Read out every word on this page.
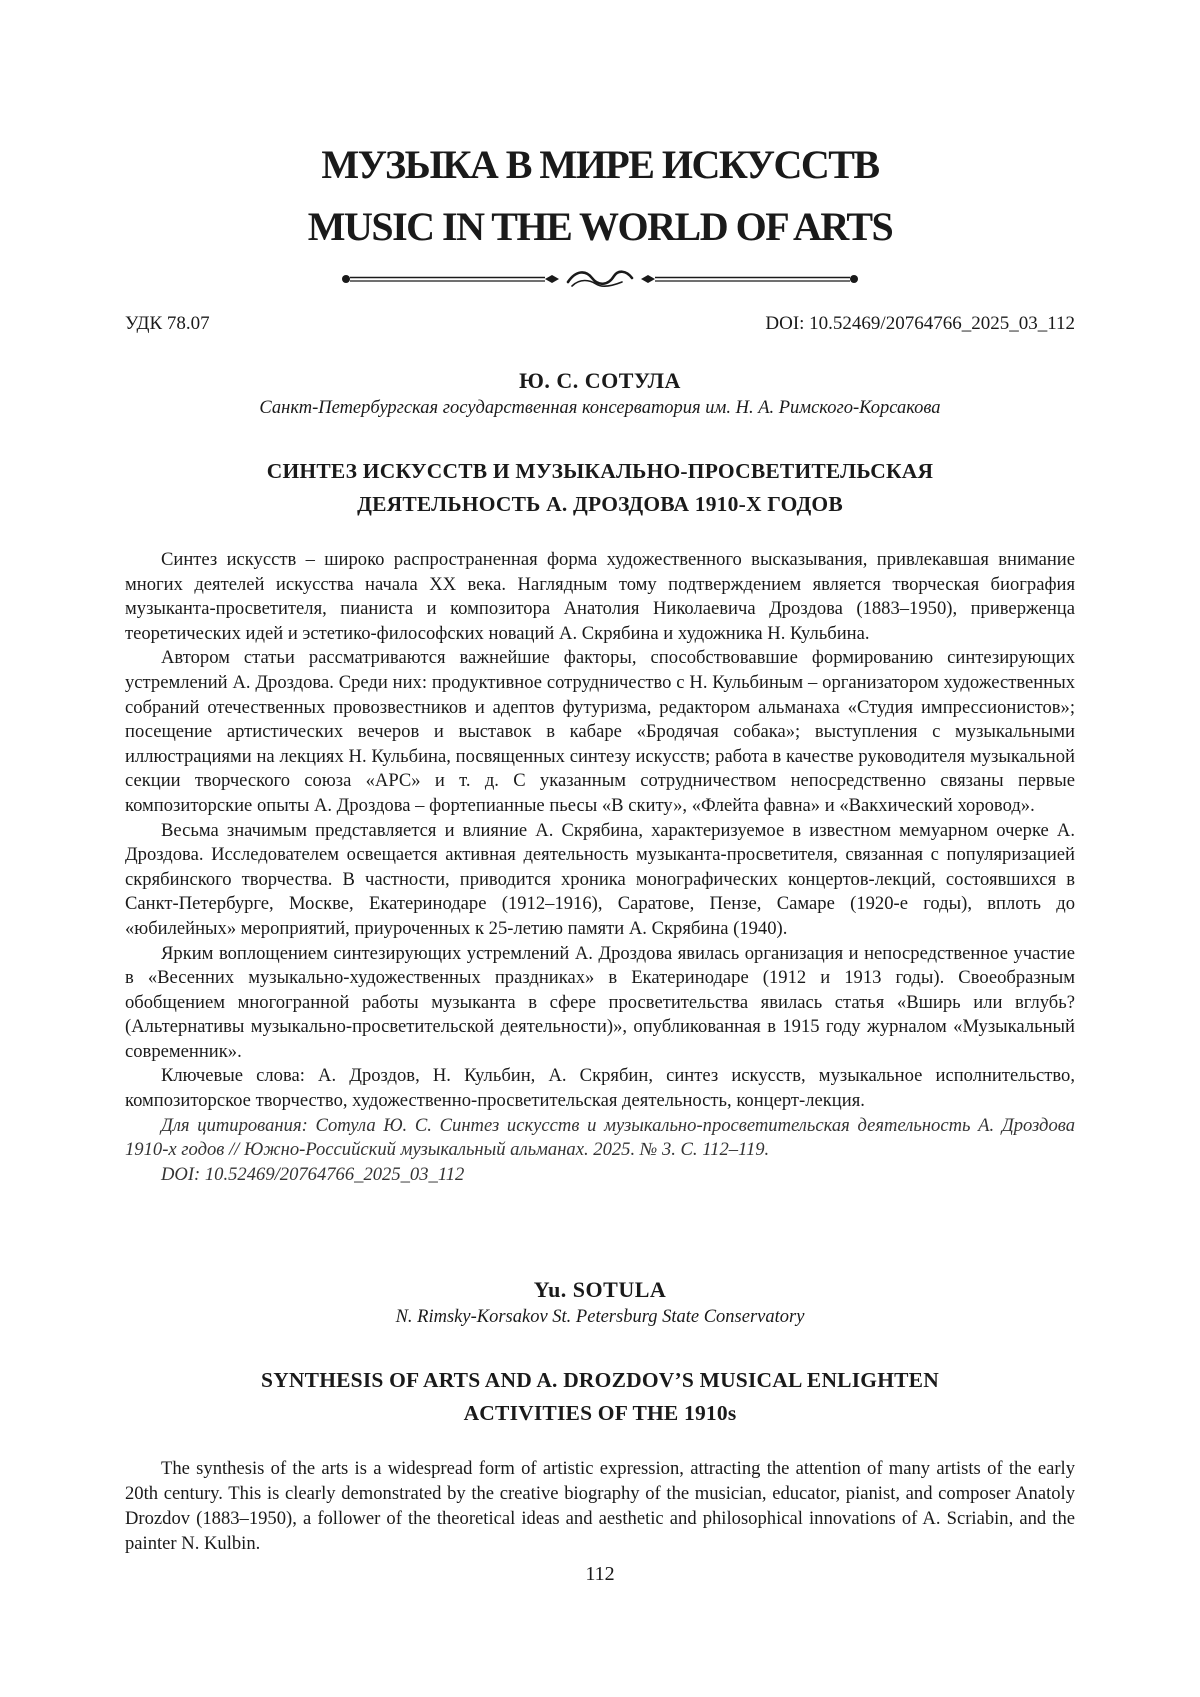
МУЗЫКА В МИРЕ ИСКУССТВ
MUSIC IN THE WORLD OF ARTS
УДК 78.07	DOI: 10.52469/20764766_2025_03_112
Ю. С. СОТУЛА
Санкт-Петербургская государственная консерватория им. Н. А. Римского-Корсакова
СИНТЕЗ ИСКУССТВ И МУЗЫКАЛЬНО-ПРОСВЕТИТЕЛЬСКАЯ
ДЕЯТЕЛЬНОСТЬ А. ДРОЗДОВА 1910-Х ГОДОВ

Синтез искусств – широко распространенная форма художественного высказывания, привлекавшая внимание многих деятелей искусства начала XX века. Наглядным тому подтверждением является творческая биография музыканта-просветителя, пианиста и композитора Анатолия Николаевича Дроздова (1883–1950), приверженца теоретических идей и эстетико-философских новаций А. Скрябина и художника Н. Кульбина.

Автором статьи рассматриваются важнейшие факторы, способствовавшие формированию синтезирующих устремлений А. Дроздова. Среди них: продуктивное сотрудничество с Н. Кульбиным – организатором художественных собраний отечественных провозвестников и адептов футуризма, редактором альманаха «Студия импрессионистов»; посещение артистических вечеров и выставок в кабаре «Бродячая собака»; выступления с музыкальными иллюстрациями на лекциях Н. Кульбина, посвященных синтезу искусств; работа в качестве руководителя музыкальной секции творческого союза «АРС» и т. д. С указанным сотрудничеством непосредственно связаны первые композиторские опыты А. Дроздова – фортепианные пьесы «В скиту», «Флейта фавна» и «Вакхический хоровод».

Весьма значимым представляется и влияние А. Скрябина, характеризуемое в известном мемуарном очерке А. Дроздова. Исследователем освещается активная деятельность музыканта-просветителя, связанная с популяризацией скрябинского творчества. В частности, приводится хроника монографических концертов-лекций, состоявшихся в Санкт-Петербурге, Москве, Екатеринодаре (1912–1916), Саратове, Пензе, Самаре (1920-е годы), вплоть до «юбилейных» мероприятий, приуроченных к 25-летию памяти А. Скрябина (1940).

Ярким воплощением синтезирующих устремлений А. Дроздова явилась организация и непосредственное участие в «Весенних музыкально-художественных праздниках» в Екатеринодаре (1912 и 1913 годы). Своеобразным обобщением многогранной работы музыканта в сфере просветительства явилась статья «Вширь или вглубь? (Альтернативы музыкально-просветительской деятельности)», опубликованная в 1915 году журналом «Музыкальный современник».

Ключевые слова: А. Дроздов, Н. Кульбин, А. Скрябин, синтез искусств, музыкальное исполнительство, композиторское творчество, художественно-просветительская деятельность, концерт-лекция.

Для цитирования: Сотула Ю. С. Синтез искусств и музыкально-просветительская деятельность А. Дроздова 1910-х годов // Южно-Российский музыкальный альманах. 2025. № 3. С. 112–119.

DOI: 10.52469/20764766_2025_03_112

Yu. SOTULA
N. Rimsky-Korsakov St. Petersburg State Conservatory
SYNTHESIS OF ARTS AND A. DROZDOV’S MUSICAL ENLIGHTEN
ACTIVITIES OF THE 1910s

The synthesis of the arts is a widespread form of artistic expression, attracting the attention of many artists of the early 20th century. This is clearly demonstrated by the creative biography of the musician, educator, pianist, and composer Anatoly Drozdov (1883–1950), a follower of the theoretical ideas and aesthetic and philosophical innovations of A. Scriabin, and the painter N. Kulbin.

112
